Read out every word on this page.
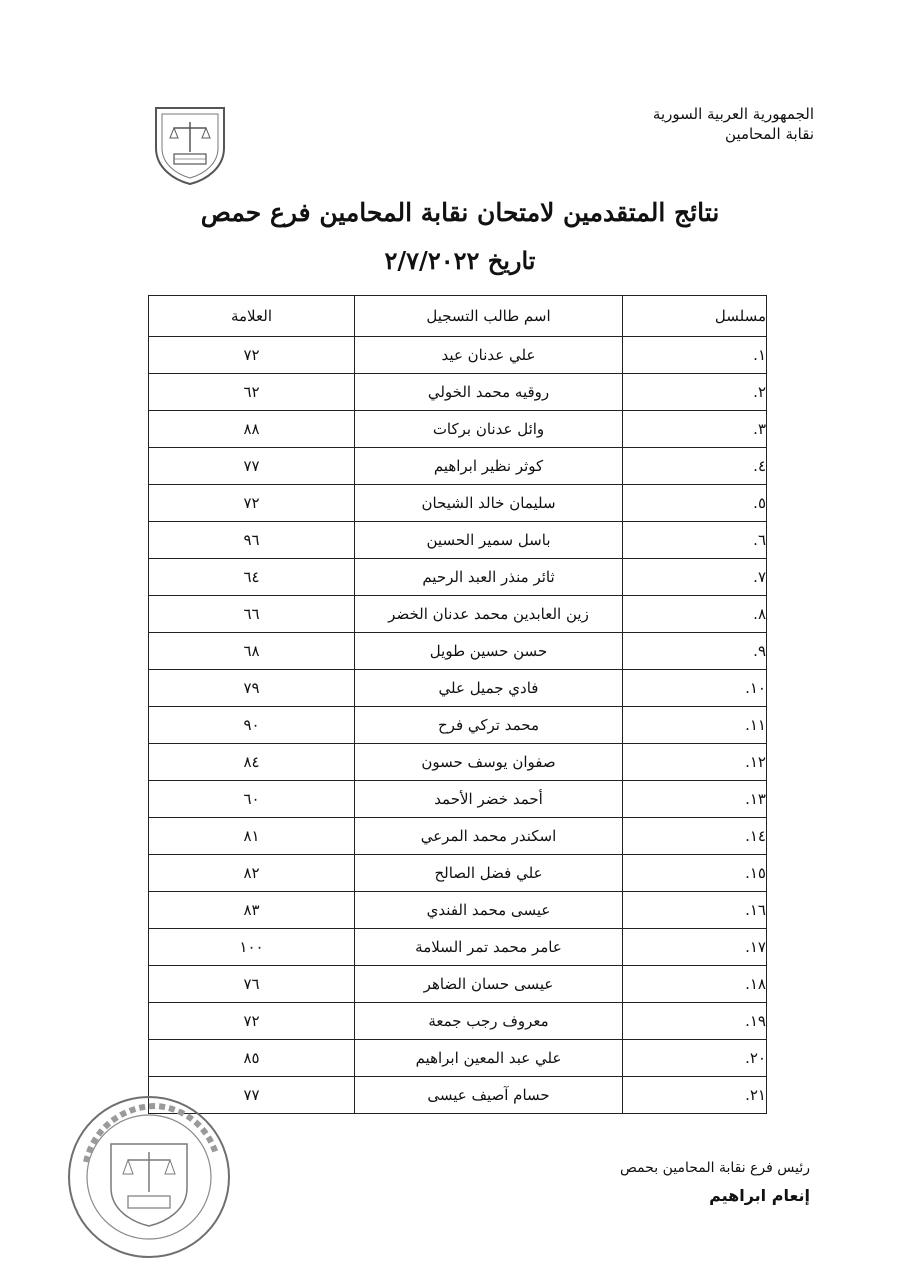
الجمهورية العربية السورية
نقابة المحامين
نتائج المتقدمين لامتحان نقابة المحامين فرع حمص
تاريخ ٢/٧/٢٠٢٢
مسلسل	اسم طالب التسجيل	العلامة
١.	علي عدنان عيد	٧٢
٢.	روقيه محمد الخولي	٦٢
٣.	وائل عدنان بركات	٨٨
٤.	كوثر نظير ابراهيم	٧٧
٥.	سليمان خالد الشيحان	٧٢
٦.	باسل سمير الحسين	٩٦
٧.	ثائر منذر العبد الرحيم	٦٤
٨.	زين العابدين محمد عدنان الخضر	٦٦
٩.	حسن حسين طويل	٦٨
١٠.	فادي جميل علي	٧٩
١١.	محمد تركي فرح	٩٠
١٢.	صفوان يوسف حسون	٨٤
١٣.	أحمد خضر الأحمد	٦٠
١٤.	اسكندر محمد المرعي	٨١
١٥.	علي فضل الصالح	٨٢
١٦.	عيسى محمد الفندي	٨٣
١٧.	عامر محمد تمر السلامة	١٠٠
١٨.	عيسى حسان الضاهر	٧٦
١٩.	معروف رجب جمعة	٧٢
٢٠.	علي عبد المعين ابراهيم	٨٥
٢١.	حسام آصيف عيسى	٧٧
رئيس فرع نقابة المحامين بحمص
إنعام ابراهيم
